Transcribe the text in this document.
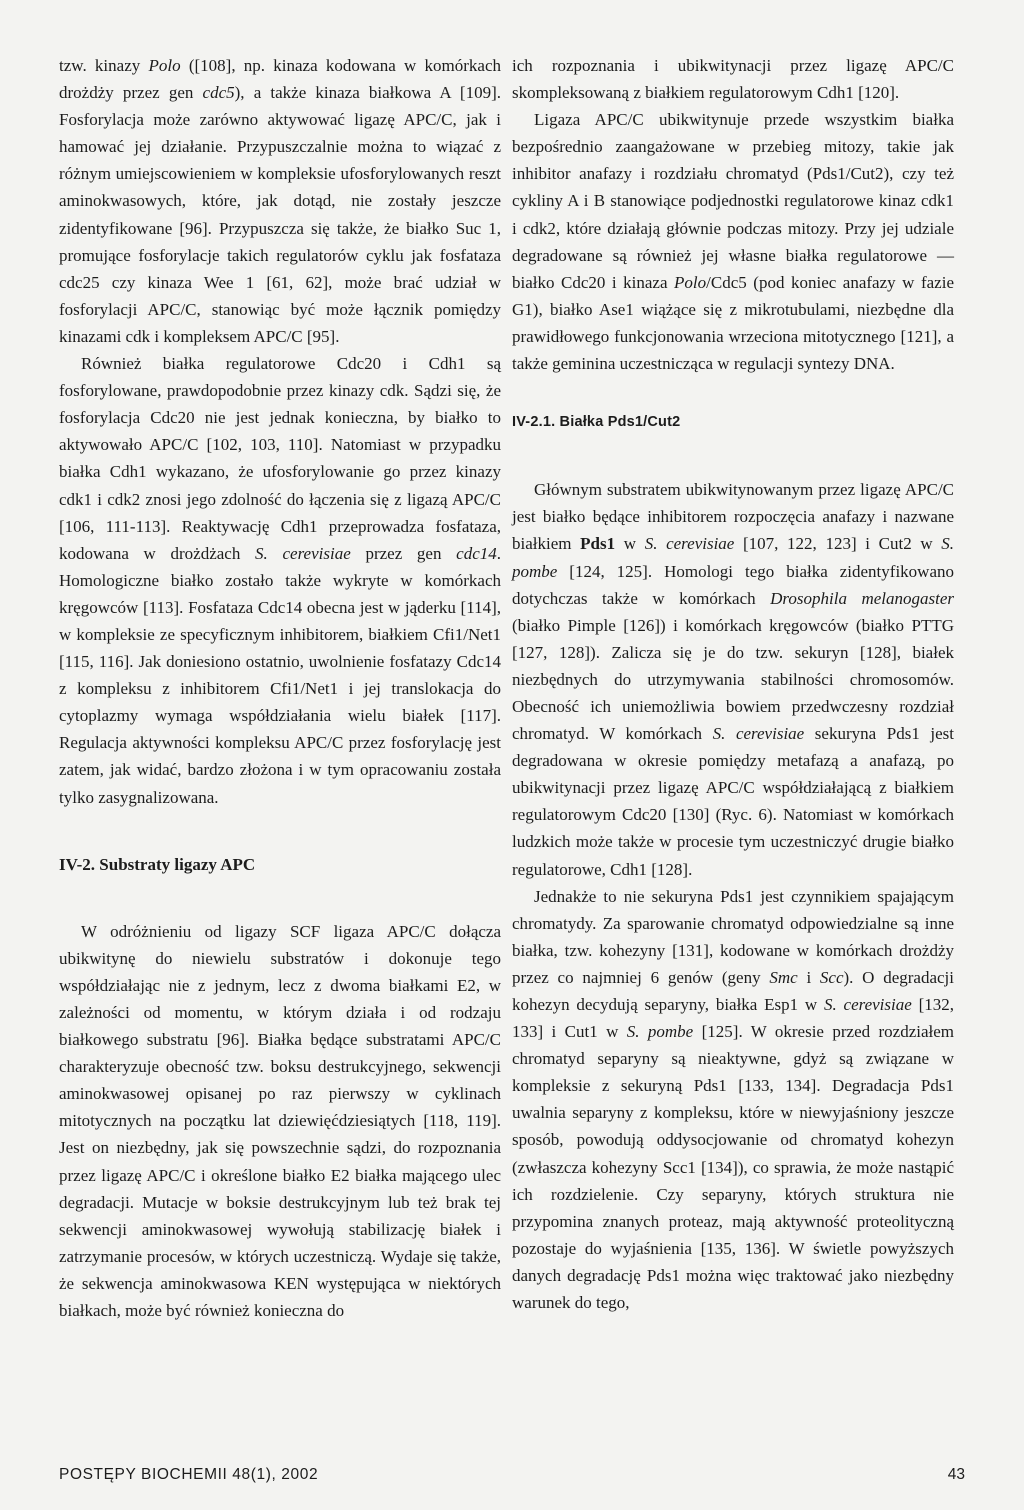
tzw. kinazy Polo ([108], np. kinaza kodowana w komórkach drożdży przez gen cdc5), a także kinaza białkowa A [109]. Fosforylacja może zarówno aktywować ligazę APC/C, jak i hamować jej działanie. Przypuszczalnie można to wiązać z różnym umiejscowieniem w kompleksie ufosforylowanych reszt aminokwasowych, które, jak dotąd, nie zostały jeszcze zidentyfikowane [96]. Przypuszcza się także, że białko Suc 1, promujące fosforylacje takich regulatorów cyklu jak fosfataza cdc25 czy kinaza Wee 1 [61, 62], może brać udział w fosforylacji APC/C, stanowiąc być może łącznik pomiędzy kinazami cdk i kompleksem APC/C [95].

Również białka regulatorowe Cdc20 i Cdh1 są fosforylowane, prawdopodobnie przez kinazy cdk. Sądzi się, że fosforylacja Cdc20 nie jest jednak konieczna, by białko to aktywowało APC/C [102, 103, 110]. Natomiast w przypadku białka Cdh1 wykazano, że ufosforylowanie go przez kinazy cdk1 i cdk2 znosi jego zdolność do łączenia się z ligazą APC/C [106, 111-113]. Reaktywację Cdh1 przeprowadza fosfataza, kodowana w drożdżach S. cerevisiae przez gen cdc14. Homologiczne białko zostało także wykryte w komórkach kręgowców [113]. Fosfataza Cdc14 obecna jest w jąderku [114], w kompleksie ze specyficznym inhibitorem, białkiem Cfi1/Net1 [115, 116]. Jak doniesiono ostatnio, uwolnienie fosfatazy Cdc14 z kompleksu z inhibitorem Cfi1/Net1 i jej translokacja do cytoplazmy wymaga współdziałania wielu białek [117]. Regulacja aktywności kompleksu APC/C przez fosforylację jest zatem, jak widać, bardzo złożona i w tym opracowaniu została tylko zasygnalizowana.

IV-2. Substraty ligazy APC

W odróżnieniu od ligazy SCF ligaza APC/C dołącza ubikwitynę do niewielu substratów i dokonuje tego współdziałając nie z jednym, lecz z dwoma białkami E2, w zależności od momentu, w którym działa i od rodzaju białkowego substratu [96]. Białka będące substratami APC/C charakteryzuje obecność tzw. boksu destrukcyjnego, sekwencji aminokwasowej opisanej po raz pierwszy w cyklinach mitotycznych na początku lat dziewięćdziesiątych [118, 119]. Jest on niezbędny, jak się powszechnie sądzi, do rozpoznania przez ligazę APC/C i określone białko E2 białka mającego ulec degradacji. Mutacje w boksie destrukcyjnym lub też brak tej sekwencji aminokwasowej wywołują stabilizację białek i zatrzymanie procesów, w których uczestniczą. Wydaje się także, że sekwencja aminokwasowa KEN występująca w niektórych białkach, może być również konieczna do

ich rozpoznania i ubikwitynacji przez ligazę APC/C skompleksowaną z białkiem regulatorowym Cdh1 [120].

Ligaza APC/C ubikwitynuje przede wszystkim białka bezpośrednio zaangażowane w przebieg mitozy, takie jak inhibitor anafazy i rozdziału chromatyd (Pds1/Cut2), czy też cykliny A i B stanowiące podjednostki regulatorowe kinaz cdk1 i cdk2, które działają głównie podczas mitozy. Przy jej udziale degradowane są również jej własne białka regulatorowe — białko Cdc20 i kinaza Polo/Cdc5 (pod koniec anafazy w fazie G1), białko Ase1 wiążące się z mikrotubulami, niezbędne dla prawidłowego funkcjonowania wrzeciona mitotycznego [121], a także geminina uczestnicząca w regulacji syntezy DNA.

IV-2.1. Białka Pds1/Cut2

Głównym substratem ubikwitynowanym przez ligazę APC/C jest białko będące inhibitorem rozpoczęcia anafazy i nazwane białkiem Pds1 w S. cerevisiae [107, 122, 123] i Cut2 w S. pombe [124, 125]. Homologi tego białka zidentyfikowano dotychczas także w komórkach Drosophila melanogaster (białko Pimple [126]) i komórkach kręgowców (białko PTTG [127, 128]). Zalicza się je do tzw. sekuryn [128], białek niezbędnych do utrzymywania stabilności chromosomów. Obecność ich uniemożliwia bowiem przedwczesny rozdział chromatyd. W komórkach S. cerevisiae sekuryna Pds1 jest degradowana w okresie pomiędzy metafazą a anafazą, po ubikwitynacji przez ligazę APC/C współdziałającą z białkiem regulatorowym Cdc20 [130] (Ryc. 6). Natomiast w komórkach ludzkich może także w procesie tym uczestniczyć drugie białko regulatorowe, Cdh1 [128].

Jednakże to nie sekuryna Pds1 jest czynnikiem spajającym chromatydy. Za sparowanie chromatyd odpowiedzialne są inne białka, tzw. kohezyny [131], kodowane w komórkach drożdży przez co najmniej 6 genów (geny Smc i Scc). O degradacji kohezyn decydują separyny, białka Esp1 w S. cerevisiae [132, 133] i Cut1 w S. pombe [125]. W okresie przed rozdziałem chromatyd separyny są nieaktywne, gdyż są związane w kompleksie z sekuryną Pds1 [133, 134]. Degradacja Pds1 uwalnia separyny z kompleksu, które w niewyjaśniony jeszcze sposób, powodują oddysocjowanie od chromatyd kohezyn (zwłaszcza kohezyny Scc1 [134]), co sprawia, że może nastąpić ich rozdzielenie. Czy separyny, których struktura nie przypomina znanych proteaz, mają aktywność proteolityczną pozostaje do wyjaśnienia [135, 136]. W świetle powyższych danych degradację Pds1 można więc traktować jako niezbędny warunek do tego,

POSTĘPY BIOCHEMII 48(1), 2002	43
